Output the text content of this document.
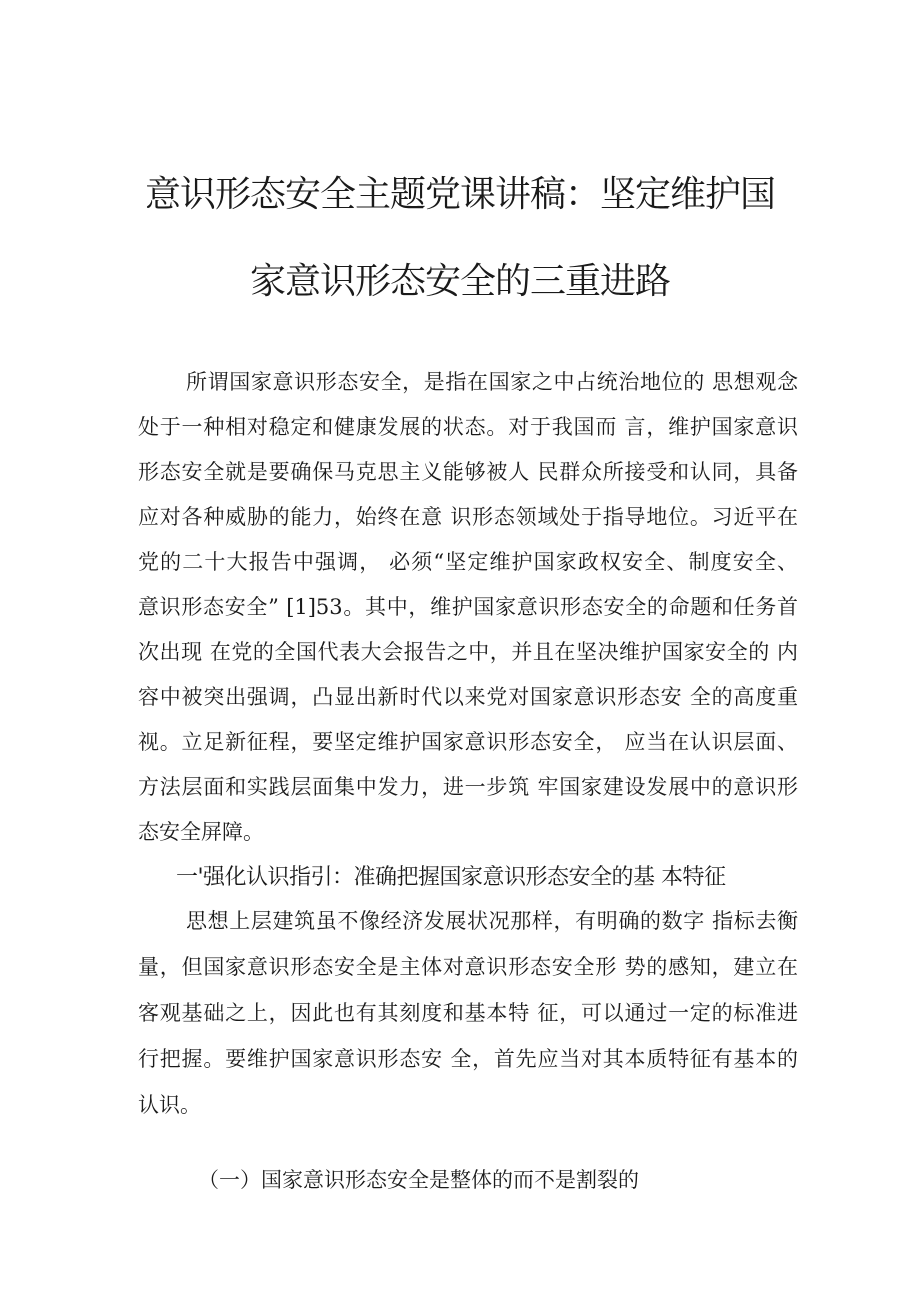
意识形态安全主题党课讲稿：坚定维护国
家意识形态安全的三重进路
所谓国家意识形态安全，是指在国家之中占统治地位的 思想观念
处于一种相对稳定和健康发展的状态。对于我国而 言，维护国家意识
形态安全就是要确保马克思主义能够被人 民群众所接受和认同，具备
应对各种威胁的能力，始终在意 识形态领域处于指导地位。习近平在
党的二十大报告中强调， 必须“坚定维护国家政权安全、制度安全、
意识形态安全” [1]53。其中，维护国家意识形态安全的命题和任务首
次出现 在党的全国代表大会报告之中，并且在坚决维护国家安全的 内
容中被突出强调，凸显出新时代以来党对国家意识形态安 全的高度重
视。立足新征程，要坚定维护国家意识形态安全， 应当在认识层面、
方法层面和实践层面集中发力，进一步筑 牢国家建设发展中的意识形
态安全屏障。
一'强化认识指引：准确把握国家意识形态安全的基 本特征
思想上层建筑虽不像经济发展状况那样，有明确的数字 指标去衡
量，但国家意识形态安全是主体对意识形态安全形 势的感知，建立在
客观基础之上，因此也有其刻度和基本特 征，可以通过一定的标准进
行把握。要维护国家意识形态安 全，首先应当对其本质特征有基本的
认识。
（一）国家意识形态安全是整体的而不是割裂的
